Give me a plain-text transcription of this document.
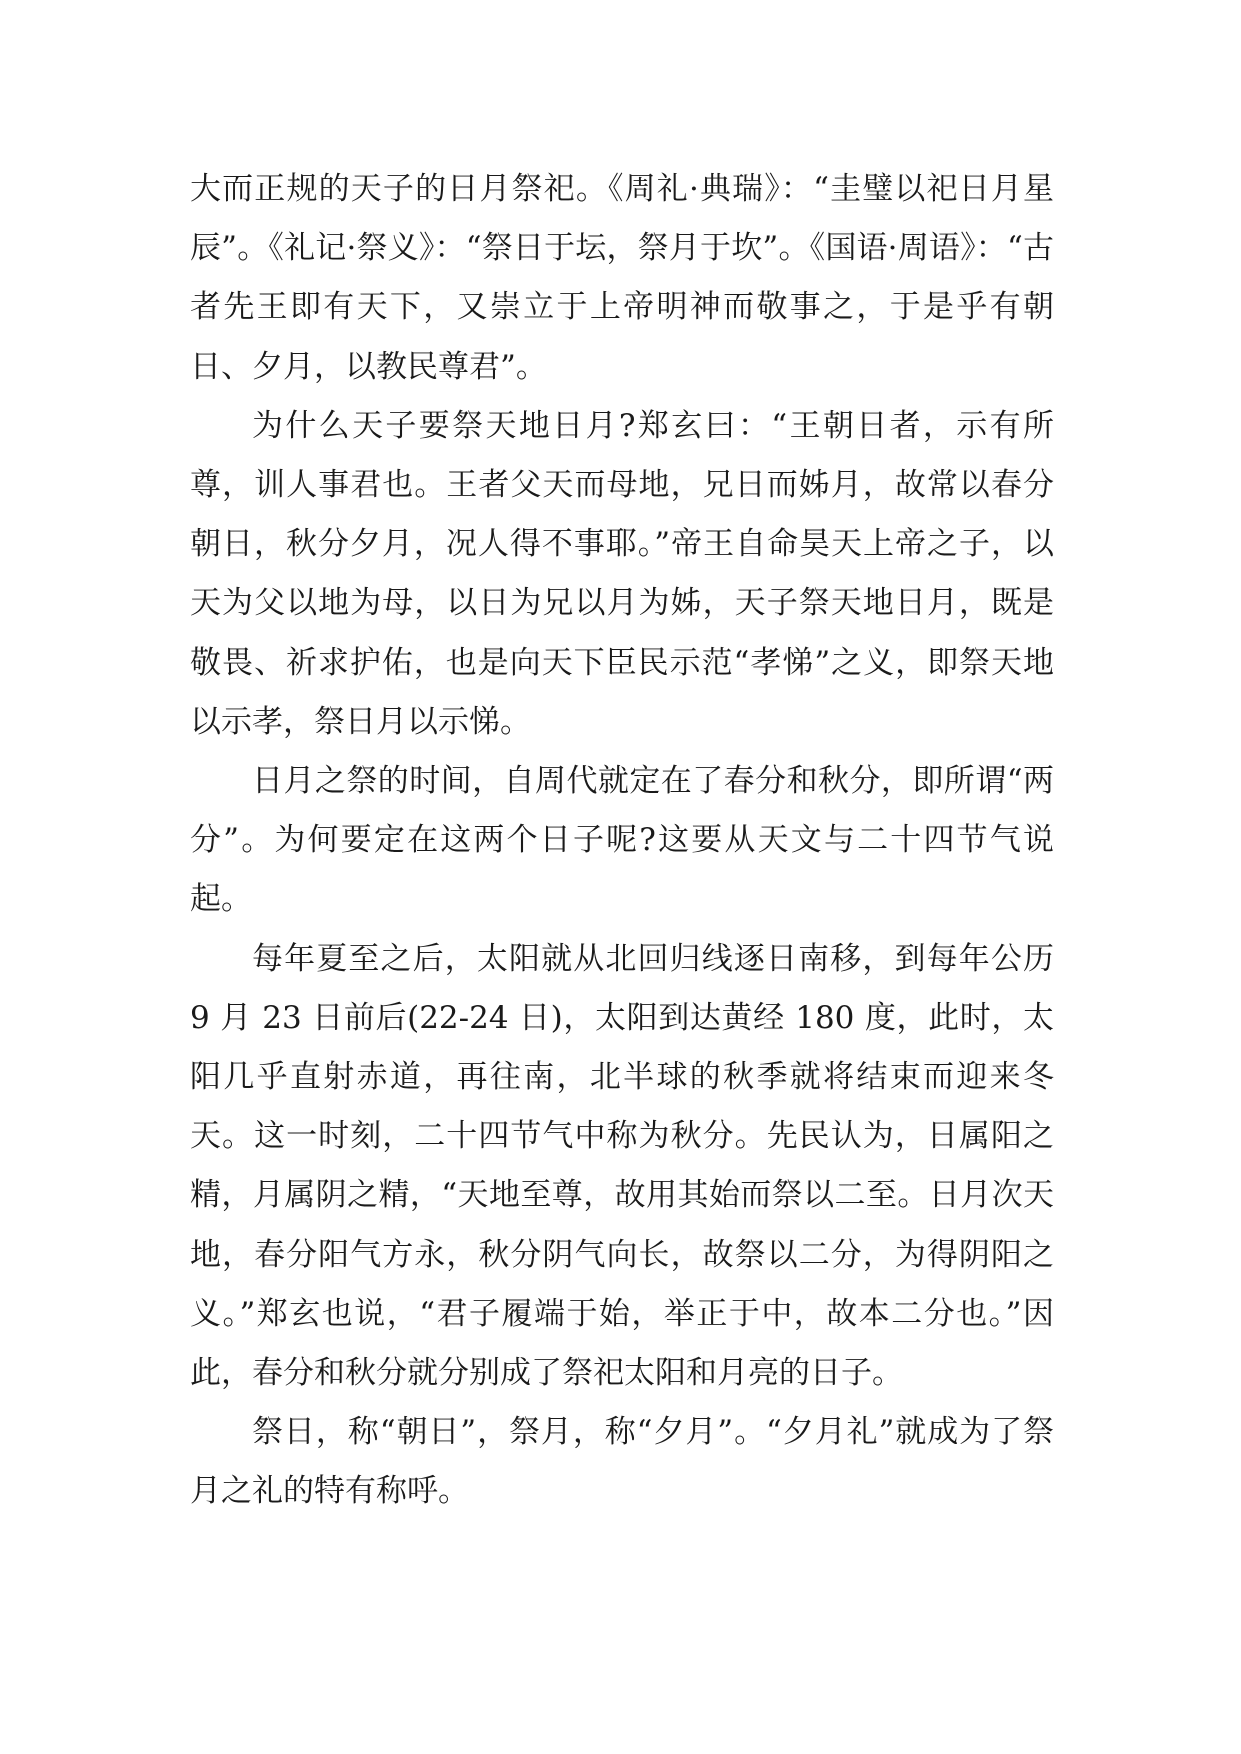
大而正规的天子的日月祭祀。《周礼·典瑞》：“圭璧以祀日月星辰”。《礼记·祭义》：“祭日于坛，祭月于坎”。《国语·周语》：“古者先王即有天下，又崇立于上帝明神而敬事之，于是乎有朝日、夕月，以教民尊君”。

为什么天子要祭天地日月?郑玄曰：“王朝日者，示有所尊，训人事君也。王者父天而母地，兄日而姊月，故常以春分朝日，秋分夕月，况人得不事耶。”帝王自命昊天上帝之子，以天为父以地为母，以日为兄以月为姊，天子祭天地日月，既是敬畏、祈求护佑，也是向天下臣民示范“孝悌”之义，即祭天地以示孝，祭日月以示悌。

日月之祭的时间，自周代就定在了春分和秋分，即所谓“两分”。为何要定在这两个日子呢?这要从天文与二十四节气说起。

每年夏至之后，太阳就从北回归线逐日南移，到每年公历 9 月 23 日前后(22-24 日)，太阳到达黄经 180 度，此时，太阳几乎直射赤道，再往南，北半球的秋季就将结束而迎来冬天。这一时刻，二十四节气中称为秋分。先民认为，日属阳之精，月属阴之精，“天地至尊，故用其始而祭以二至。日月次天地，春分阳气方永，秋分阴气向长，故祭以二分，为得阴阳之义。”郑玄也说，“君子履端于始，举正于中，故本二分也。”因此，春分和秋分就分别成了祭祀太阳和月亮的日子。

祭日，称“朝日”，祭月，称“夕月”。“夕月礼”就成为了祭月之礼的特有称呼。
